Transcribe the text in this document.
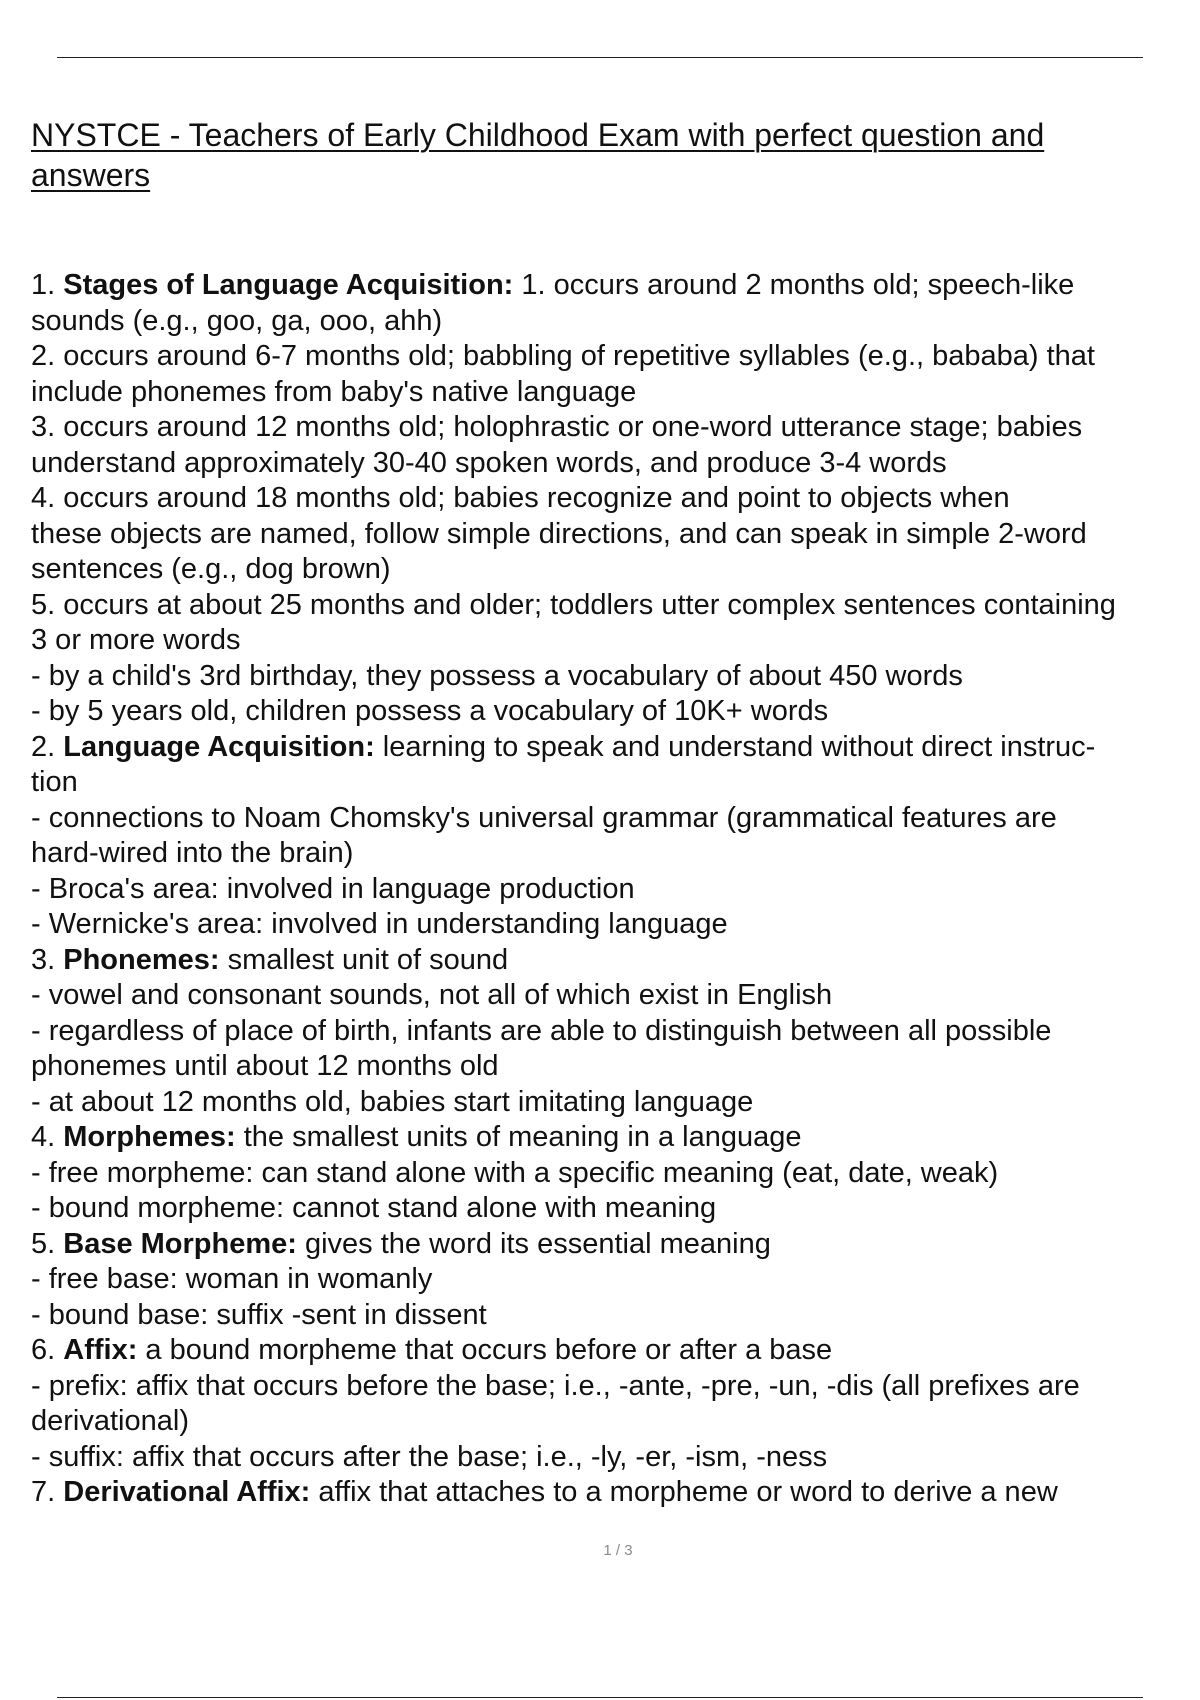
NYSTCE - Teachers of Early Childhood Exam with perfect question and answers
1. Stages of Language Acquisition: 1. occurs around 2 months old; speech-like
sounds (e.g., goo, ga, ooo, ahh)
2. occurs around 6-7 months old; babbling of repetitive syllables (e.g., bababa) that
include phonemes from baby's native language
3. occurs around 12 months old; holophrastic or one-word utterance stage; babies
understand approximately 30-40 spoken words, and produce 3-4 words
4. occurs around 18 months old; babies recognize and point to objects when
these objects are named, follow simple directions, and can speak in simple 2-word
sentences (e.g., dog brown)
5. occurs at about 25 months and older; toddlers utter complex sentences containing
3 or more words
- by a child's 3rd birthday, they possess a vocabulary of about 450 words
- by 5 years old, children possess a vocabulary of 10K+ words
2. Language Acquisition: learning to speak and understand without direct instruc-
tion
- connections to Noam Chomsky's universal grammar (grammatical features are
hard-wired into the brain)
- Broca's area: involved in language production
- Wernicke's area: involved in understanding language
3. Phonemes: smallest unit of sound
- vowel and consonant sounds, not all of which exist in English
- regardless of place of birth, infants are able to distinguish between all possible
phonemes until about 12 months old
- at about 12 months old, babies start imitating language
4. Morphemes: the smallest units of meaning in a language
- free morpheme: can stand alone with a specific meaning (eat, date, weak)
- bound morpheme: cannot stand alone with meaning
5. Base Morpheme: gives the word its essential meaning
- free base: woman in womanly
- bound base: suffix -sent in dissent
6. Affix: a bound morpheme that occurs before or after a base
- prefix: affix that occurs before the base; i.e., -ante, -pre, -un, -dis (all prefixes are
derivational)
- suffix: affix that occurs after the base; i.e., -ly, -er, -ism, -ness
7. Derivational Affix: affix that attaches to a morpheme or word to derive a new
1 / 3
